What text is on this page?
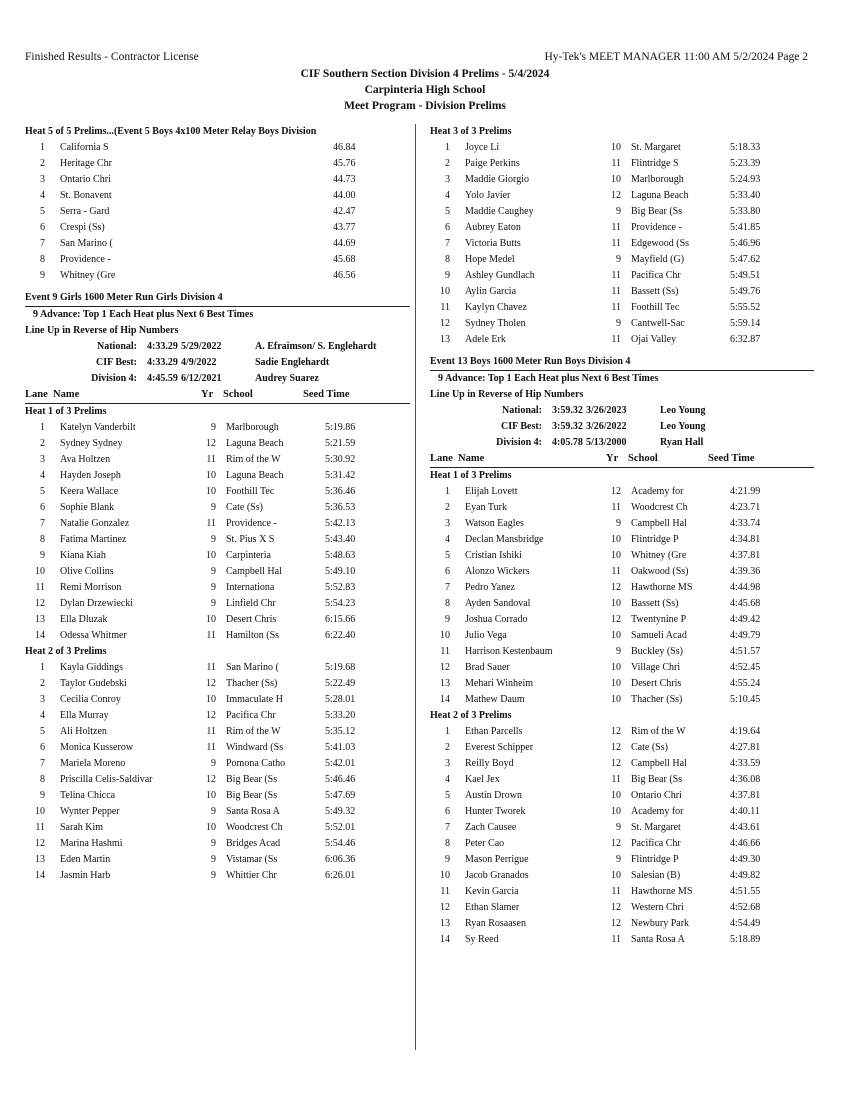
Finished Results - Contractor License	Hy-Tek's MEET MANAGER 11:00 AM 5/2/2024 Page 2
CIF Southern Section Division 4 Prelims - 5/4/2024
Carpinteria High School
Meet Program - Division Prelims
Heat 5 of 5 Prelims...(Event 5 Boys 4x100 Meter Relay Boys Division
1 California S	46.84
2 Heritage Chr	45.76
3 Ontario Chri	44.73
4 St. Bonavent	44.00
5 Serra - Gard	42.47
6 Crespi (Ss)	43.77
7 San Marino (	44.69
8 Providence -	45.68
9 Whitney (Gre	46.56
Event 9 Girls 1600 Meter Run Girls Division 4
9 Advance: Top 1 Each Heat plus Next 6 Best Times
Line Up in Reverse of Hip Numbers
National: 4:33.29 5/29/2022	A. Efraimson/ S. Englehardt
CIF Best: 4:33.29 4/9/2022	Sadie Englehardt
Division 4: 4:45.59 6/12/2021	Audrey Suarez
Lane Name	Yr School	Seed Time
Heat 1 of 3 Prelims
1 Katelyn Vanderbilt	9 Marlborough	5:19.86
2 Sydney Sydney	12 Laguna Beach	5:21.59
3 Ava Holtzen	11 Rim of the W	5:30.92
4 Hayden Joseph	10 Laguna Beach	5:31.42
5 Keera Wallace	10 Foothill Tec	5:36.46
6 Sophie Blank	9 Cate (Ss)	5:36.53
7 Natalie Gonzalez	11 Providence -	5:42.13
8 Fatima Martinez	9 St. Pius X S	5:43.40
9 Kiana Kiah	10 Carpinteria	5:48.63
10 Olive Collins	9 Campbell Hal	5:49.10
11 Remi Morrison	9 Internationa	5:52.83
12 Dylan Drzewiecki	9 Linfield Chr	5:54.23
13 Ella Dluzak	10 Desert Chris	6:15.66
14 Odessa Whitmer	11 Hamilton (Ss	6:22.40
Heat 2 of 3 Prelims
1 Kayla Giddings	11 San Marino (	5:19.68
2 Taylor Gudebski	12 Thacher (Ss)	5:22.49
3 Cecilia Conroy	10 Immaculate H	5:28.01
4 Ella Murray	12 Pacifica Chr	5:33.20
5 Ali Holtzen	11 Rim of the W	5:35.12
6 Monica Kusserow	11 Windward (Ss	5:41.03
7 Mariela Moreno	9 Pomona Catho	5:42.01
8 Priscilla Celis-Saldivar	12 Big Bear (Ss	5:46.46
9 Telina Chicca	10 Big Bear (Ss	5:47.69
10 Wynter Pepper	9 Santa Rosa A	5:49.32
11 Sarah Kim	10 Woodcrest Ch	5:52.01
12 Marina Hashmi	9 Bridges Acad	5:54.46
13 Eden Martin	9 Vistamar (Ss	6:06.36
14 Jasmin Harb	9 Whittier Chr	6:26.01
Heat 3 of 3 Prelims
1 Joyce Li	10 St. Margaret	5:18.33
2 Paige Perkins	11 Flintridge S	5:23.39
3 Maddie Giorgio	10 Marlborough	5:24.93
4 Yolo Javier	12 Laguna Beach	5:33.40
5 Maddie Caughey	9 Big Bear (Ss	5:33.80
6 Aubrey Eaton	11 Providence -	5:41.85
7 Victoria Butts	11 Edgewood (Ss	5:46.96
8 Hope Medel	9 Mayfield (G)	5:47.62
9 Ashley Gundlach	11 Pacifica Chr	5:49.51
10 Aylin Garcia	11 Bassett (Ss)	5:49.76
11 Kaylyn Chavez	11 Foothill Tec	5:55.52
12 Sydney Tholen	9 Cantwell-Sac	5:59.14
13 Adele Erk	11 Ojai Valley	6:32.87
Event 13 Boys 1600 Meter Run Boys Division 4
9 Advance: Top 1 Each Heat plus Next 6 Best Times
Line Up in Reverse of Hip Numbers
National: 3:59.32 3/26/2023	Leo Young
CIF Best: 3:59.32 3/26/2022	Leo Young
Division 4: 4:05.78 5/13/2000	Ryan Hall
Lane Name	Yr School	Seed Time
Heat 1 of 3 Prelims
1 Elijah Lovett	12 Academy for	4:21.99
2 Eyan Turk	11 Woodcrest Ch	4:23.71
3 Watson Eagles	9 Campbell Hal	4:33.74
4 Declan Mansbridge	10 Flintridge P	4:34.81
5 Cristian Ishiki	10 Whitney (Gre	4:37.81
6 Alonzo Wickers	11 Oakwood (Ss)	4:39.36
7 Pedro Yanez	12 Hawthorne MS	4:44.98
8 Ayden Sandoval	10 Bassett (Ss)	4:45.68
9 Joshua Corrado	12 Twentynine P	4:49.42
10 Julio Vega	10 Samueli Acad	4:49.79
11 Harrison Kestenbaum	9 Buckley (Ss)	4:51.57
12 Brad Sauer	10 Village Chri	4:52.45
13 Mehari Winheim	10 Desert Chris	4:55.24
14 Mathew Daum	10 Thacher (Ss)	5:10.45
Heat 2 of 3 Prelims
1 Ethan Parcells	12 Rim of the W	4:19.64
2 Everest Schipper	12 Cate (Ss)	4:27.81
3 Reilly Boyd	12 Campbell Hal	4:33.59
4 Kael Jex	11 Big Bear (Ss	4:36.08
5 Austin Drown	10 Ontario Chri	4:37.81
6 Hunter Tworek	10 Academy for	4:40.11
7 Zach Causee	9 St. Margaret	4:43.61
8 Peter Cao	12 Pacifica Chr	4:46.66
9 Mason Perrigue	9 Flintridge P	4:49.30
10 Jacob Granados	10 Salesian (B)	4:49.82
11 Kevin Garcia	11 Hawthorne MS	4:51.55
12 Ethan Slamer	12 Western Chri	4:52.68
13 Ryan Rosaasen	12 Newbury Park	4:54.49
14 Sy Reed	11 Santa Rosa A	5:18.89
